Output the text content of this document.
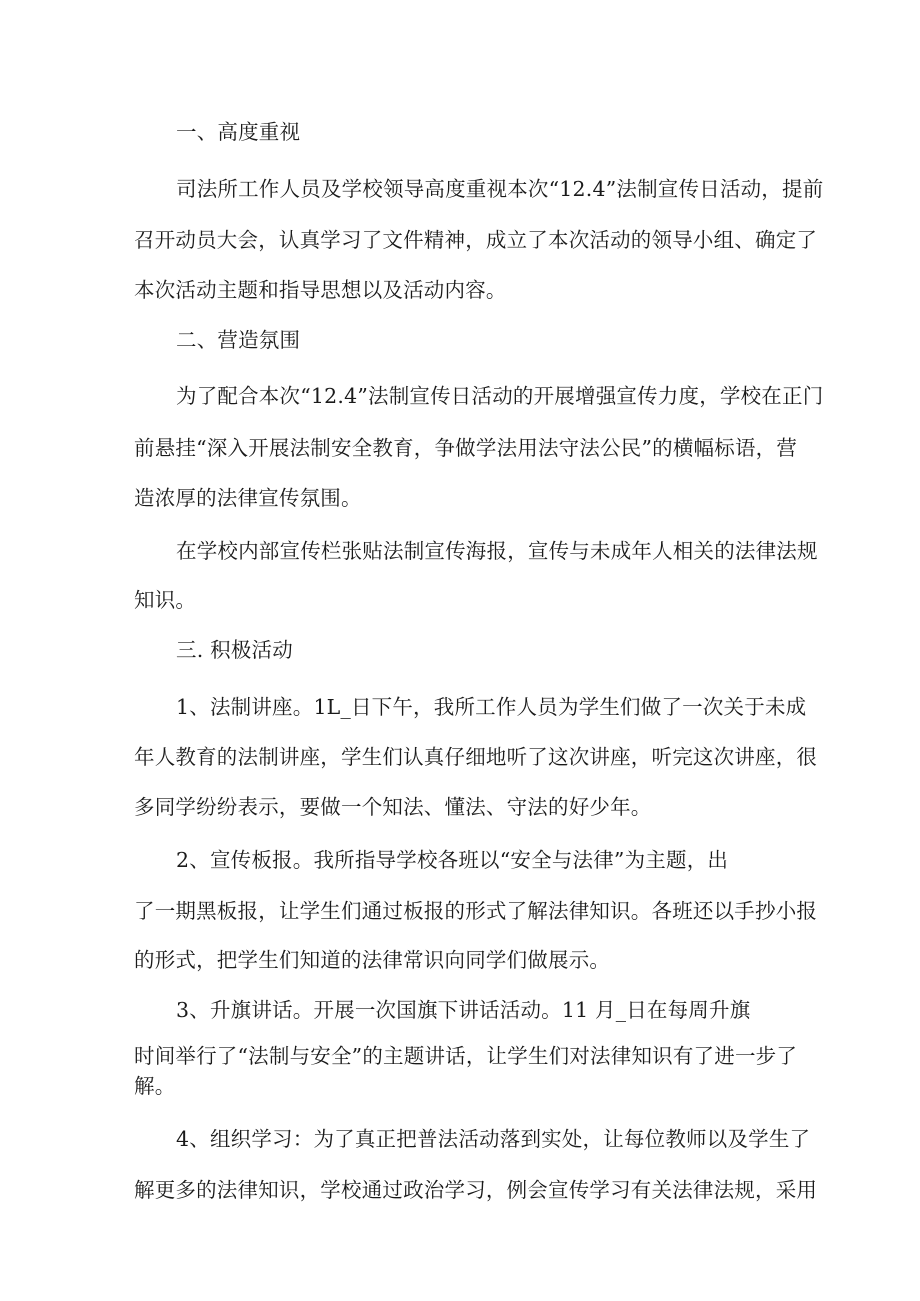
一、高度重视
司法所工作人员及学校领导高度重视本次“12.4”法制宣传日活动，提前
召开动员大会，认真学习了文件精神，成立了本次活动的领导小组、确定了
本次活动主题和指导思想以及活动内容。
二、营造氛围
为了配合本次“12.4”法制宣传日活动的开展增强宣传力度，学校在正门
前悬挂“深入开展法制安全教育，争做学法用法守法公民”的横幅标语，营
造浓厚的法律宣传氛围。
在学校内部宣传栏张贴法制宣传海报，宣传与未成年人相关的法律法规
知识。
三. 积极活动
1、法制讲座。1L_日下午，我所工作人员为学生们做了一次关于未成
年人教育的法制讲座，学生们认真仔细地听了这次讲座，听完这次讲座，很
多同学纷纷表示，要做一个知法、懂法、守法的好少年。
2、宣传板报。我所指导学校各班以“安全与法律”为主题，出
了一期黑板报，让学生们通过板报的形式了解法律知识。各班还以手抄小报
的形式，把学生们知道的法律常识向同学们做展示。
3、升旗讲话。开展一次国旗下讲话活动。11 月_日在每周升旗
时间举行了“法制与安全”的主题讲话，让学生们对法律知识有了进一步了
解。
4、组织学习：为了真正把普法活动落到实处，让每位教师以及学生了
解更多的法律知识，学校通过政治学习，例会宣传学习有关法律法规，采用
